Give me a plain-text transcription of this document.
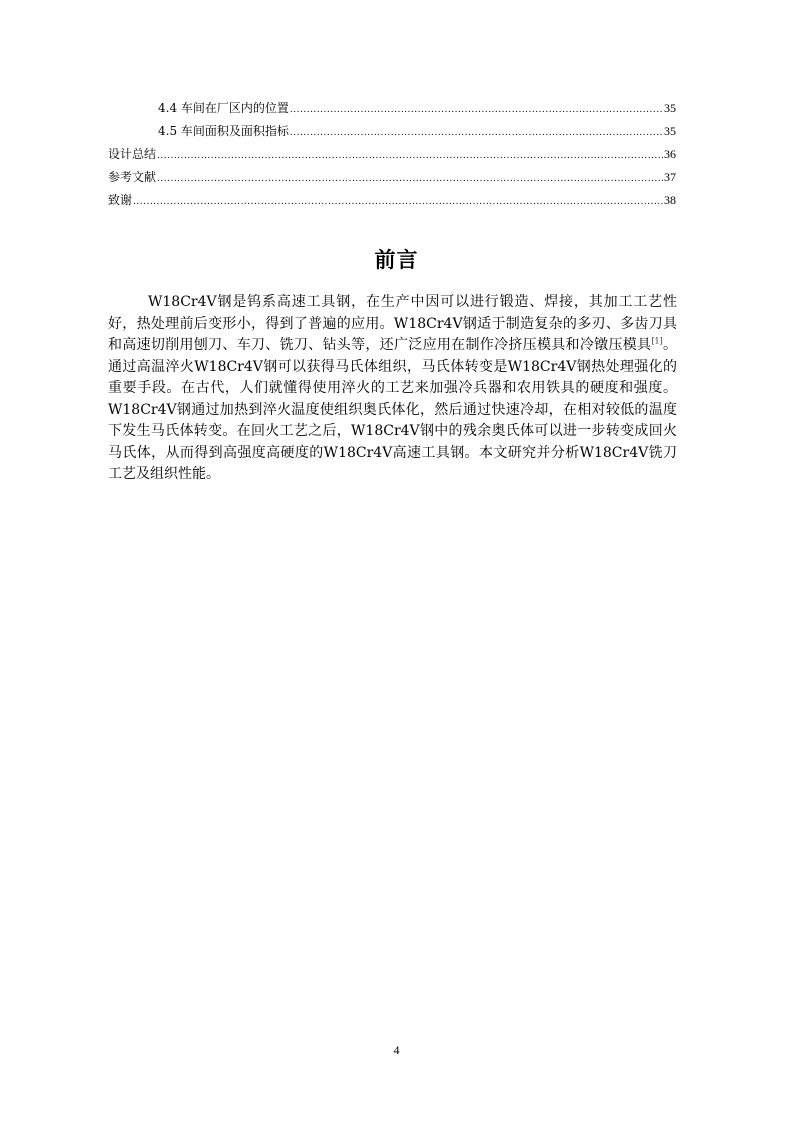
4.4 车间在厂区内的位置 .....	35
4.5 车间面积及面积指标 .....	35
设计总结 .....	36
参考文献 .....	37
致谢 .....	38
前言

W18Cr4V钢是钨系高速工具钢，在生产中因可以进行锻造、焊接，其加工工艺性好，热处理前后变形小，得到了普遍的应用。W18Cr4V钢适于制造复杂的多刃、多齿刀具和高速切削用刨刀、车刀、铣刀、钻头等，还广泛应用在制作冷挤压模具和冷镦压模具[1]。通过高温淬火W18Cr4V钢可以获得马氏体组织，马氏体转变是W18Cr4V钢热处理强化的重要手段。在古代，人们就懂得使用淬火的工艺来加强冷兵器和农用铁具的硬度和强度。W18Cr4V钢通过加热到淬火温度使组织奥氏体化，然后通过快速冷却，在相对较低的温度下发生马氏体转变。在回火工艺之后，W18Cr4V钢中的残余奥氏体可以进一步转变成回火马氏体，从而得到高强度高硬度的W18Cr4V高速工具钢。本文研究并分析W18Cr4V铣刀工艺及组织性能。

4
